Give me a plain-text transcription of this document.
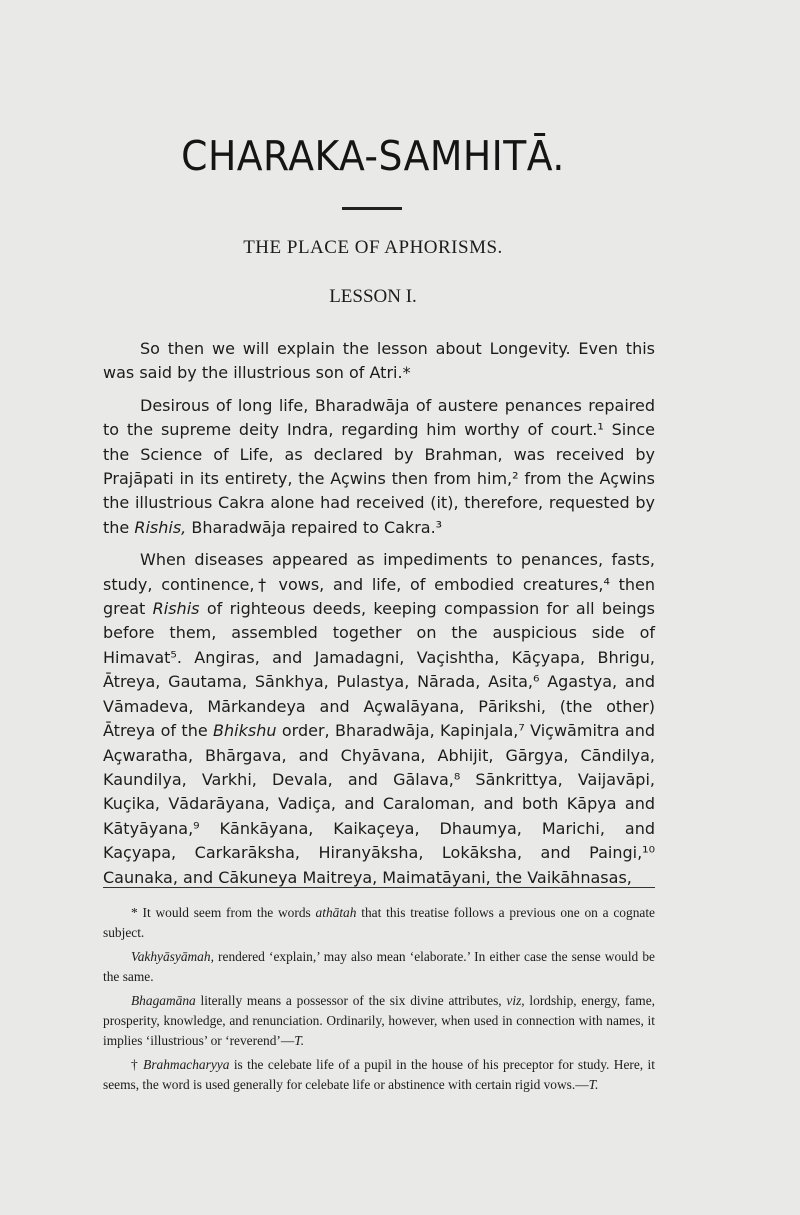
CHARAKA-SAMHITĀ.
THE PLACE OF APHORISMS.
LESSON I.

So then we will explain the lesson about Longevity. Even this was said by the illustrious son of Atri.*

Desirous of long life, Bharadwāja of austere penances repaired to the supreme deity Indra, regarding him worthy of court.¹ Since the Science of Life, as declared by Brahman, was received by Prajāpati in its entirety, the Açwins then from him,² from the Açwins the illustrious Cakra alone had received (it), therefore, requested by the Rishis, Bharadwāja repaired to Cakra.³

When diseases appeared as impediments to penances, fasts, study, continence,† vows, and life, of embodied creatures,⁴ then great Rishis of righteous deeds, keeping compassion for all beings before them, assembled together on the auspicious side of Himavat⁵. Angiras, and Jamadagni, Vaçishtha, Kāçyapa, Bhrigu, Ātreya, Gautama, Sānkhya, Pulastya, Nārada, Asita,⁶ Agastya, and Vāmadeva, Mārkandeya and Açwalāyana, Pārikshi, (the other) Ātreya of the Bhikshu order, Bharadwāja, Kapinjala,⁷ Viçwāmitra and Açwaratha, Bhārgava, and Chyāvana, Abhijit, Gārgya, Cāndilya, Kaundilya, Varkhi, Devala, and Gālava,⁸ Sānkrittya, Vaijavāpi, Kuçika, Vādarāyana, Vadiça, and Caraloman, and both Kāpya and Kātyāyana,⁹ Kānkāyana, Kaikaçeya, Dhaumya, Marichi, and Kaçyapa, Carkarāksha, Hiranyāksha, Lokāksha, and Paingi,¹⁰ Caunaka, and Cākuneya Maitreya, Maimatāyani, the Vaikāhnasas,

* It would seem from the words athātah that this treatise follows a previous one on a cognate subject.

Vakhyāsyāmah, rendered ‘explain,’ may also mean ‘elaborate.’ In either case the sense would be the same.

Bhagamāna literally means a possessor of the six divine attributes, viz, lordship, energy, fame, prosperity, knowledge, and renunciation. Ordinarily, however, when used in connection with names, it implies ‘illustrious’ or ‘reverend’—T.

† Brahmacharyya is the celebate life of a pupil in the house of his preceptor for study. Here, it seems, the word is used generally for celebate life or abstinence with certain rigid vows.—T.
